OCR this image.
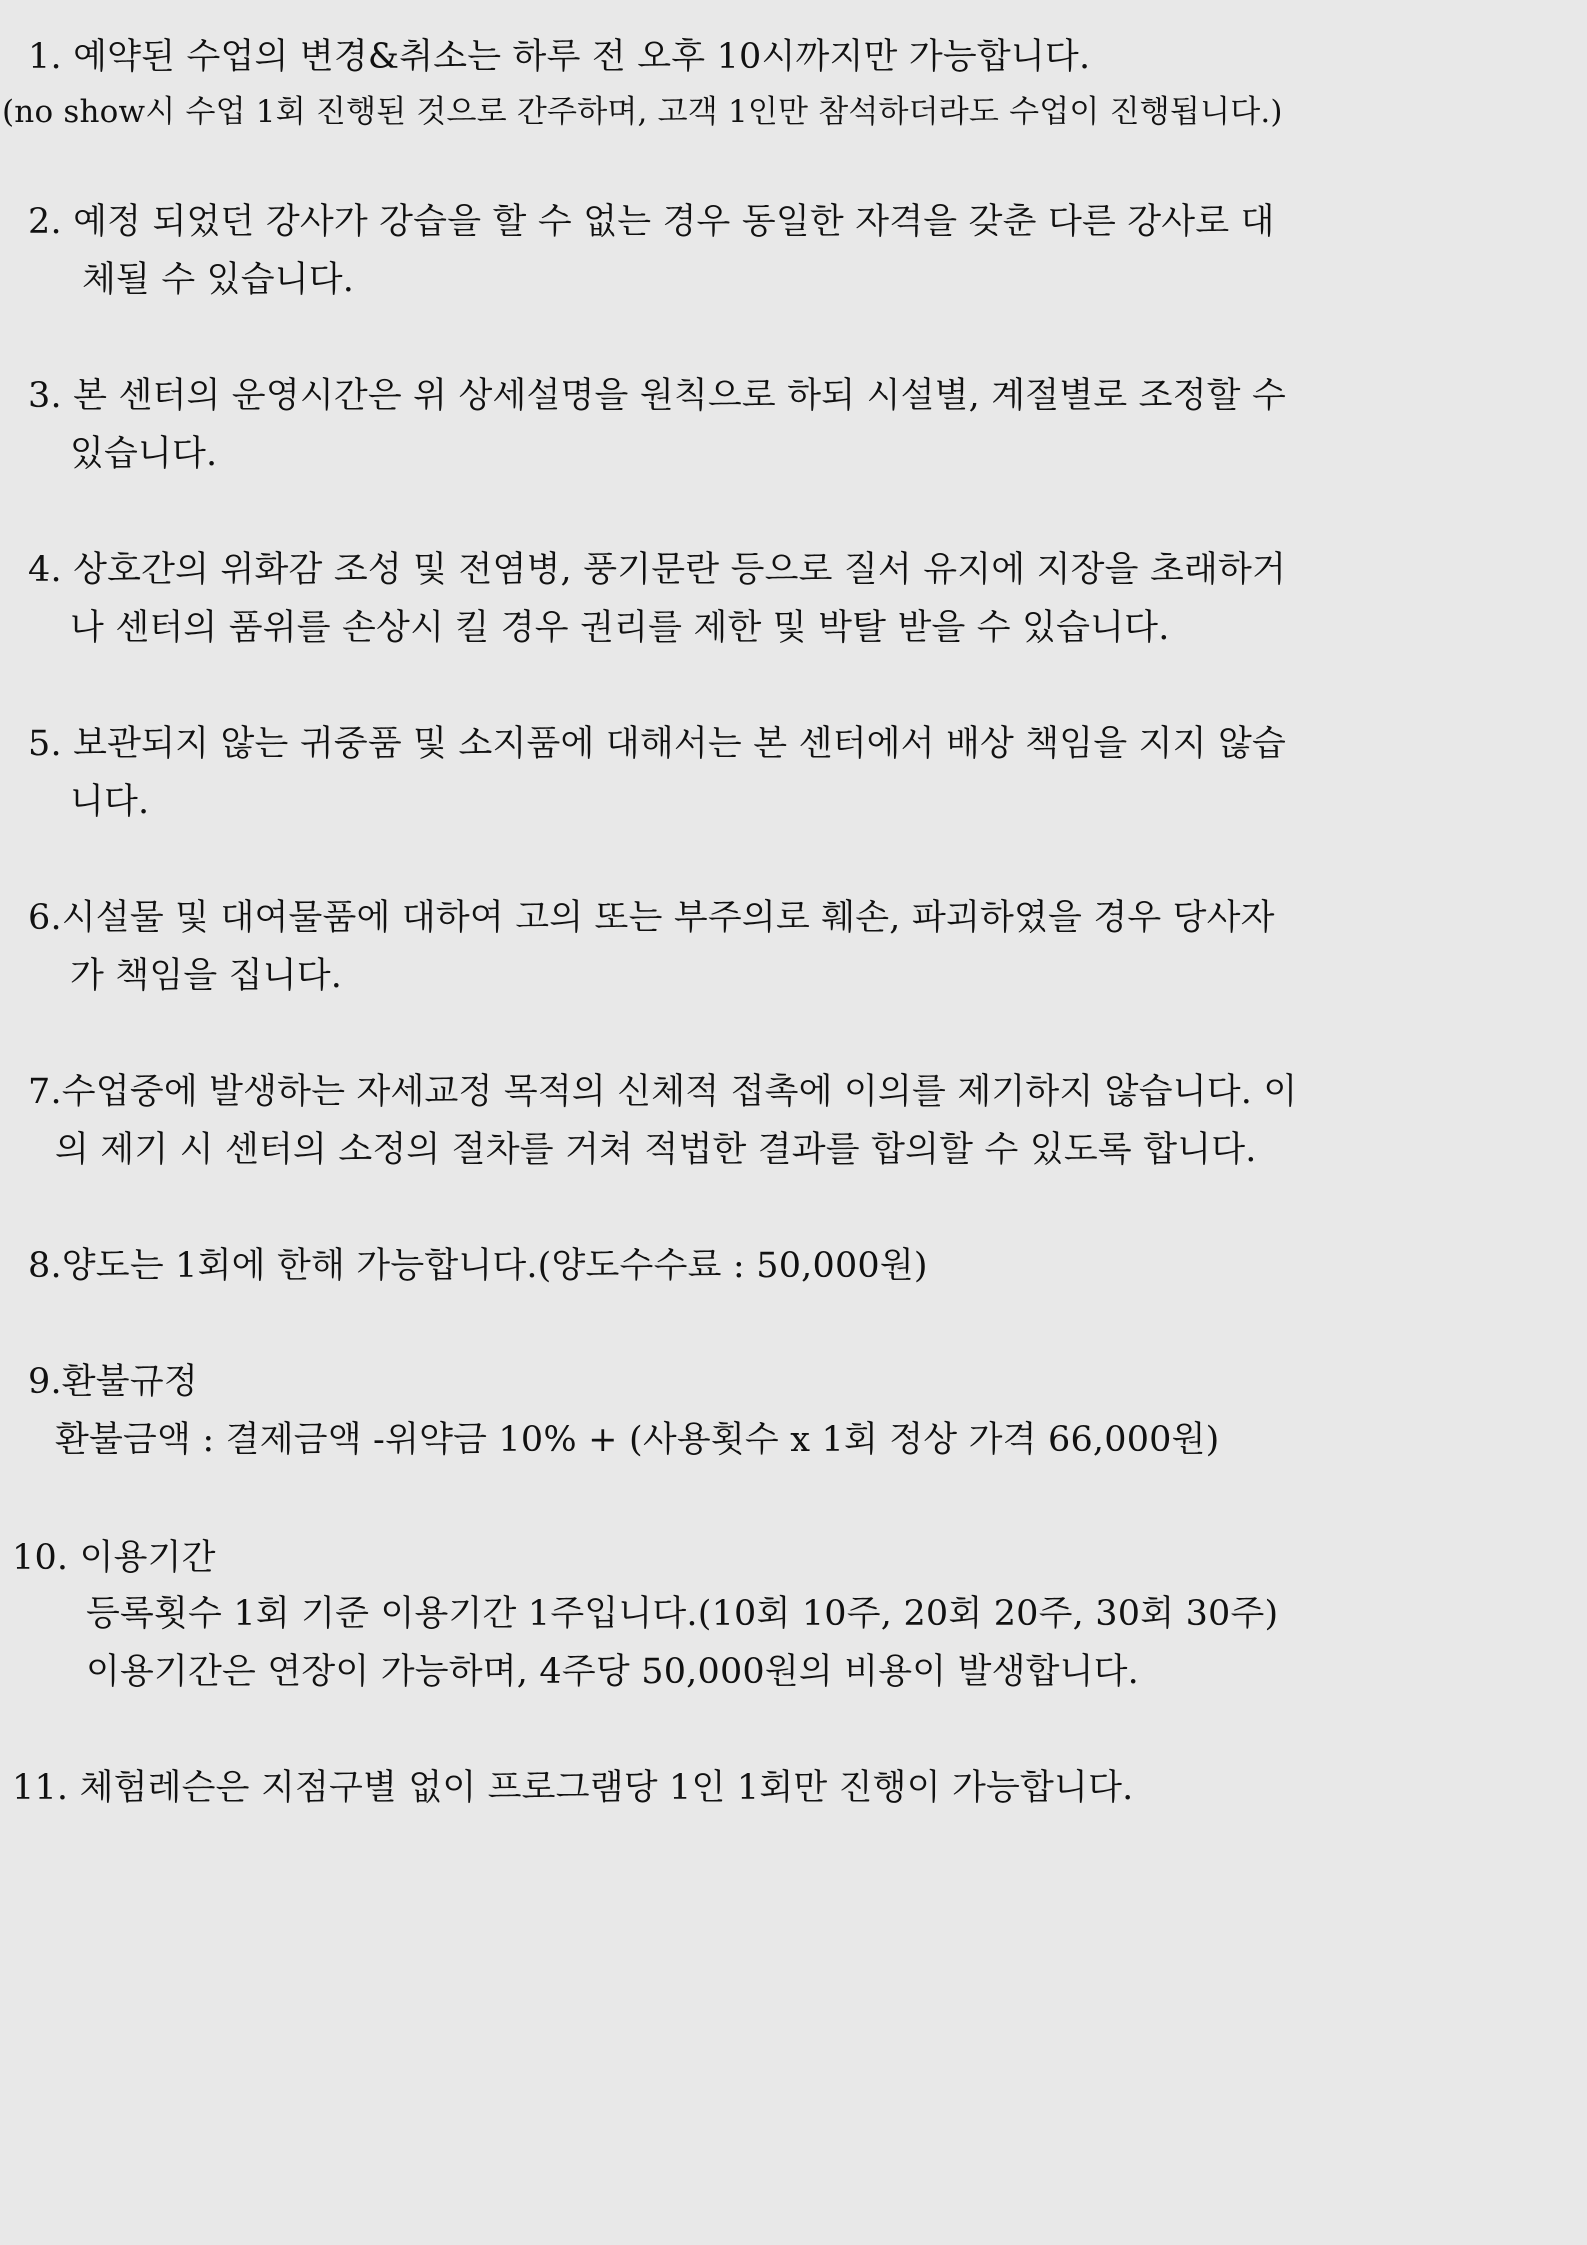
1. 예약된 수업의 변경&취소는 하루 전 오후 10시까지만 가능합니다.
(no show시 수업 1회 진행된 것으로 간주하며, 고객 1인만 참석하더라도 수업이 진행됩니다.)
2. 예정 되었던 강사가 강습을 할 수 없는 경우 동일한 자격을 갖춘 다른 강사로 대
체될 수 있습니다.
3. 본 센터의 운영시간은 위 상세설명을 원칙으로 하되 시설별, 계절별로 조정할 수
있습니다.
4. 상호간의 위화감 조성 및 전염병, 풍기문란 등으로 질서 유지에 지장을 초래하거
나 센터의 품위를 손상시 킬 경우 권리를 제한 및 박탈 받을 수 있습니다.
5. 보관되지 않는 귀중품 및 소지품에 대해서는 본 센터에서 배상 책임을 지지 않습
니다.
6.시설물 및 대여물품에 대하여 고의 또는 부주의로 훼손, 파괴하였을 경우 당사자
가 책임을 집니다.
7.수업중에 발생하는 자세교정 목적의 신체적 접촉에 이의를 제기하지 않습니다. 이
의 제기 시 센터의 소정의 절차를 거쳐 적법한 결과를 합의할 수 있도록 합니다.
8.양도는 1회에 한해 가능합니다.(양도수수료 : 50,000원)
9.환불규정
환불금액 : 결제금액 -위약금 10% + (사용횟수 x 1회 정상 가격 66,000원)
10. 이용기간
등록횟수 1회 기준 이용기간 1주입니다.(10회 10주, 20회 20주, 30회 30주)
이용기간은 연장이 가능하며, 4주당 50,000원의 비용이 발생합니다.
11. 체험레슨은 지점구별 없이 프로그램당 1인 1회만 진행이 가능합니다.
